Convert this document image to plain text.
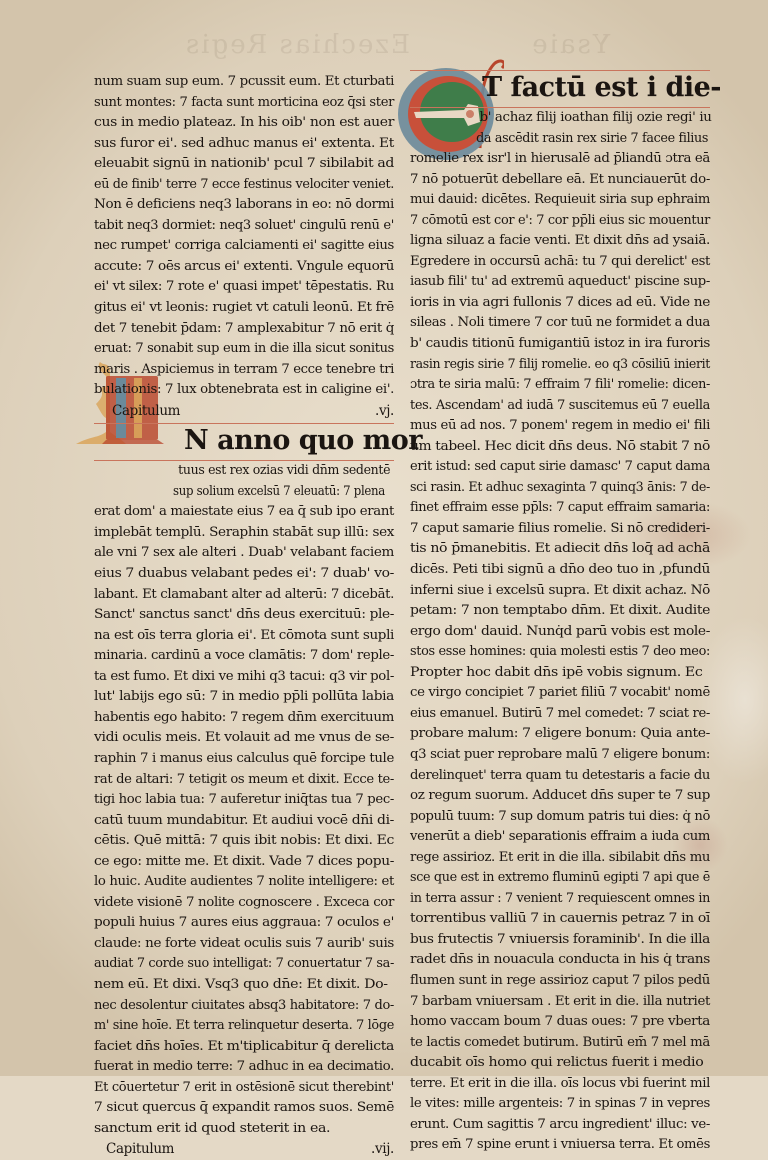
Ezechias Regis	Ysaie
num suam sup eum. 7 pcussit eum. Et cturbati
sunt montes: 7 facta sunt morticina eoz q̄si ster
cus in medio plateaz. In his oib' non est auer
sus furor ei'. sed adhuc manus ei' extenta. Et
eleuabit signū in nationib' pcul 7 sibilabit ad
eū de finib' terre 7 ecce festinus velociter veniet.
Non ē deficiens neq3 laborans in eo: nō dormi
tabit neq3 dormiet: neq3 soluet' cingulū renū e'
nec rumpet' corriga calciamenti ei' sagitte eius
accute: 7 oēs arcus ei' extenti. Vngule equorū
ei' vt silex: 7 rote e' quasi impet' tēpestatis. Ru
gitus ei' vt leonis: rugiet vt catuli leonū. Et frē
det 7 tenebit p̄dam: 7 amplexabitur 7 nō erit q̇
eruat: 7 sonabit sup eum in die illa sicut sonitus
maris . Aspiciemus in terram 7 ecce tenebre tri
bulationis: 7 lux obtenebrata est in caligine ei'.
Capitulum	.vj.
N anno quo mor
tuus est rex ozias vidi dn̄m sedentē
sup solium excelsū 7 eleuatū: 7 plena
erat dom' a maiestate eius 7 ea q̄ sub ipo erant
implebāt templū. Seraphin stabāt sup illū: sex
ale vni 7 sex ale alteri . Duab' velabant faciem
eius 7 duabus velabant pedes ei': 7 duab' vo-
labant. Et clamabant alter ad alterū: 7 dicebāt.
Sanct' sanctus sanct' dn̄s deus exercituū: ple-
na est oīs terra gloria ei'. Et cōmota sunt supli
minaria. cardinū a voce clamātis: 7 dom' reple-
ta est fumo. Et dixi ve mihi q3 tacui: q3 vir pol-
lut' labijs ego sū: 7 in medio pp̄li pollūta labia
habentis ego habito: 7 regem dn̄m exercituum
vidi oculis meis. Et volauit ad me vnus de se-
raphin 7 i manus eius calculus quē forcipe tule
rat de altari: 7 tetigit os meum et dixit. Ecce te-
tigi hoc labia tua: 7 auferetur iniq̄tas tua 7 pec-
catū tuum mundabitur. Et audiui vocē dn̄i di-
cētis. Quē mittā: 7 quis ibit nobis: Et dixi. Ec
ce ego: mitte me. Et dixit. Vade 7 dices popu-
lo huic. Audite audientes 7 nolite intelligere: et
videte visionē 7 nolite cognoscere . Exceca cor
populi huius 7 aures eius aggraua: 7 oculos e'
claude: ne forte videat oculis suis 7 aurib' suis
audiat 7 corde suo intelligat: 7 conuertatur 7 sa-
nem eū. Et dixi. Vsq3 quo dn̄e: Et dixit. Do-
nec desolentur ciuitates absq3 habitatore: 7 do-
m' sine hoīe. Et terra relinquetur deserta. 7 lōge
faciet dn̄s hoīes. Et m'tiplicabitur q̄ derelicta
fuerat in medio terre: 7 adhuc in ea decimatio.
Et cōuertetur 7 erit in ostēsionē sicut therebint'
7 sicut quercus q̄ expandit ramos suos. Semē
sanctum erit id quod steterit in ea.
Capitulum	.vij.
T factū est i die-
b' achaz filij ioathan filij ozie regi' iu
da ascēdit rasin rex sirie 7 facee filius
romelie rex isr'l in hierusalē ad p̄liandū ɔtra eā
7 nō potuerūt debellare eā. Et nunciauerūt do-
mui dauid: dicētes. Requieuit siria sup ephraim
7 cōmotū est cor e': 7 cor pp̄li eius sic mouentur
ligna siluaz a facie venti. Et dixit dn̄s ad ysaiā.
Egredere in occursū achā: tu 7 qui derelict' est
iasub fili' tu' ad extremū aqueduct' piscine sup-
ioris in via agri fullonis 7 dices ad eū. Vide ne
sileas . Noli timere 7 cor tuū ne formidet a dua
b' caudis titionū fumigantiū istoz in ira furoris
rasin regis sirie 7 filij romelie. eo q3 cōsiliū inierit
ɔtra te siria malū: 7 effraim 7 fili' romelie: dicen-
tes. Ascendam' ad iudā 7 suscitemus eū 7 euella
mus eū ad nos. 7 ponem' regem in medio ei' fili
um tabeel. Hec dicit dn̄s deus. Nō stabit 7 nō
erit istud: sed caput sirie damasc' 7 caput dama
sci rasin. Et adhuc sexaginta 7 quinq3 ānis: 7 de-
finet effraim esse pp̄ls: 7 caput effraim samaria:
7 caput samarie filius romelie. Si nō credideri-
tis nō p̄manebitis. Et adiecit dn̄s loq̄ ad achā
dicēs. Peti tibi signū a dn̄o deo tuo in ,pfundū
inferni siue i excelsū supra. Et dixit achaz. Nō
petam: 7 non temptabo dn̄m. Et dixit. Audite
ergo dom' dauid. Nunq̇d parū vobis est mole-
stos esse homines: quia molesti estis 7 deo meo:
Propter hoc dabit dn̄s ipē vobis signum. Ec
ce virgo concipiet 7 pariet filiū 7 vocabit' nomē
eius emanuel. Butirū 7 mel comedet: 7 sciat re-
probare malum: 7 eligere bonum: Quia ante-
q3 sciat puer reprobare malū 7 eligere bonum:
derelinquet' terra quam tu detestaris a facie du
oz regum suorum. Adducet dn̄s super te 7 sup
populū tuum: 7 sup domum patris tui dies: q̇ nō
venerūt a dieb' separationis effraim a iuda cum
rege assirioz. Et erit in die illa. sibilabit dn̄s mu
sce que est in extremo fluminū egipti 7 api que ē
in terra assur : 7 venient 7 requiescent omnes in
torrentibus valliū 7 in cauernis petraz 7 in oī
bus frutectis 7 vniuersis foraminib'. In die illa
radet dn̄s in nouacula conducta in his q̇ trans
flumen sunt in rege assirioz caput 7 pilos pedū
7 barbam vniuersam . Et erit in die. illa nutriet
homo vaccam boum 7 duas oues: 7 pre vberta
te lactis comedet butirum. Butirū em̄ 7 mel mā
ducabit oīs homo qui relictus fuerit i medio
terre. Et erit in die illa. oīs locus vbi fuerint mil
le vites: mille argenteis: 7 in spinas 7 in vepres
erunt. Cum sagittis 7 arcu ingredient' illuc: ve-
pres em̄ 7 spine erunt i vniuersa terra. Et omēs
